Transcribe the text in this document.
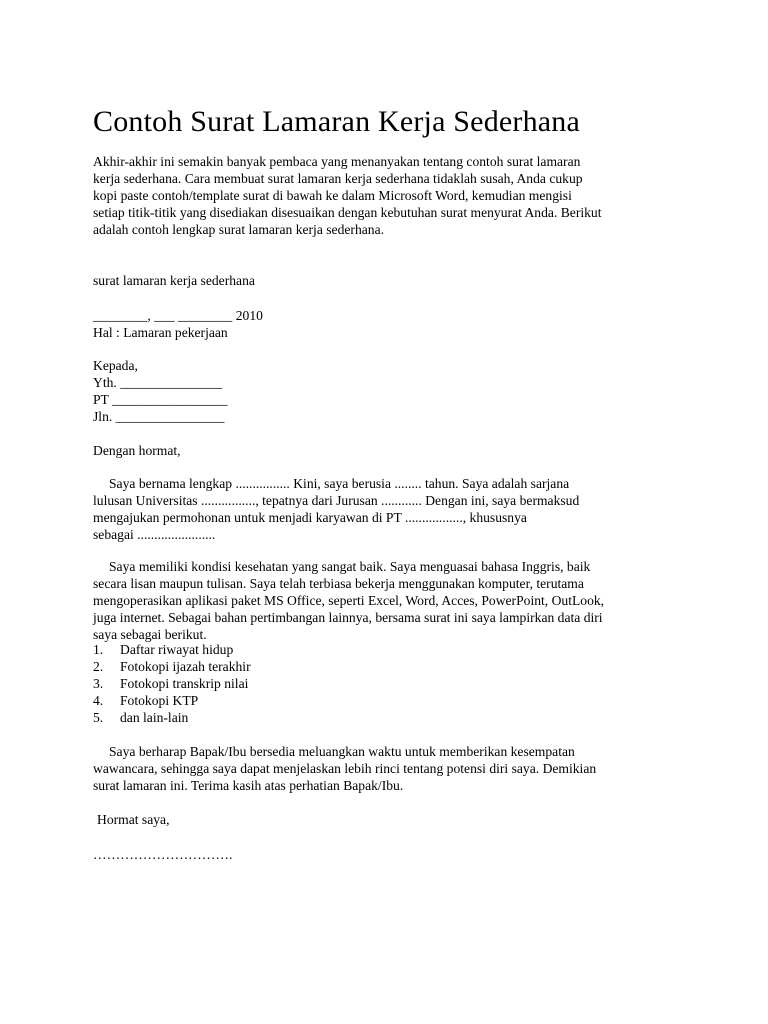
Contoh Surat Lamaran Kerja Sederhana

Akhir-akhir ini semakin banyak pembaca yang menanyakan tentang contoh surat lamaran

kerja sederhana. Cara membuat surat lamaran kerja sederhana tidaklah susah, Anda cukup

kopi paste contoh/template surat di bawah ke dalam Microsoft Word, kemudian mengisi

setiap titik-titik yang disediakan disesuaikan dengan kebutuhan surat menyurat Anda. Berikut

adalah contoh lengkap surat lamaran kerja sederhana.

surat lamaran kerja sederhana

________, ___ ________ 2010

Hal : Lamaran pekerjaan

Kepada,

Yth. _______________

PT _________________

Jln. ________________

Dengan hormat,

Saya bernama lengkap ................ Kini, saya berusia ........ tahun. Saya adalah sarjana

lulusan Universitas ................, tepatnya dari Jurusan ............ Dengan ini, saya bermaksud

mengajukan permohonan untuk menjadi karyawan di PT ................., khususnya

sebagai .......................

Saya memiliki kondisi kesehatan yang sangat baik. Saya menguasai bahasa Inggris, baik

secara lisan maupun tulisan. Saya telah terbiasa bekerja menggunakan komputer, terutama

mengoperasikan aplikasi paket MS Office, seperti Excel, Word, Acces, PowerPoint, OutLook,

juga internet. Sebagai bahan pertimbangan lainnya, bersama surat ini saya lampirkan data diri

saya sebagai berikut.

1.	Daftar riwayat hidup
2.	Fotokopi ijazah terakhir
3.	Fotokopi transkrip nilai
4.	Fotokopi KTP
5.	dan lain-lain

Saya berharap Bapak/Ibu bersedia meluangkan waktu untuk memberikan kesempatan

wawancara, sehingga saya dapat menjelaskan lebih rinci tentang potensi diri saya. Demikian

surat lamaran ini. Terima kasih atas perhatian Bapak/Ibu.

Hormat saya,

………………………….
